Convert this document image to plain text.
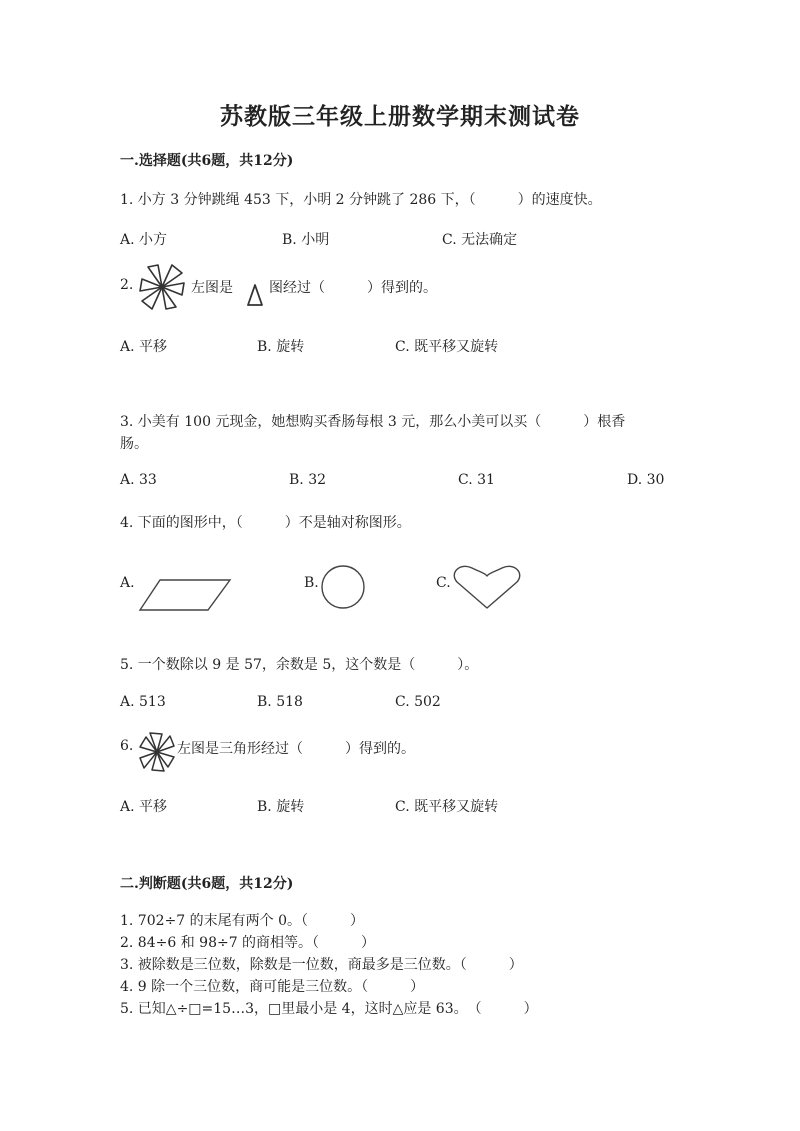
苏教版三年级上册数学期末测试卷
一.选择题(共6题，共12分)
1. 小方 3 分钟跳绳 453 下，小明 2 分钟跳了 286 下，（　　　）的速度快。
A. 小方	B. 小明	C. 无法确定
2.	左图是	图经过（　　　）得到的。
A. 平移	B. 旋转	C. 既平移又旋转
3. 小美有 100 元现金，她想购买香肠每根 3 元，那么小美可以买（　　　）根香
肠。
A. 33	B. 32	C. 31	D. 30
4. 下面的图形中，（　　　）不是轴对称图形。
A.	B.	C.
5. 一个数除以 9 是 57，余数是 5，这个数是（　　　）。
A. 513	B. 518	C. 502
6.	左图是三角形经过（　　　）得到的。
A. 平移	B. 旋转	C. 既平移又旋转
二.判断题(共6题，共12分)
1. 702÷7 的末尾有两个 0。（　　　）
2. 84÷6 和 98÷7 的商相等。（　　　）
3. 被除数是三位数，除数是一位数，商最多是三位数。（　　　）
4. 9 除一个三位数，商可能是三位数。（　　　）
5. 已知△÷□=15…3，□里最小是 4，这时△应是 63。　（　　　）
